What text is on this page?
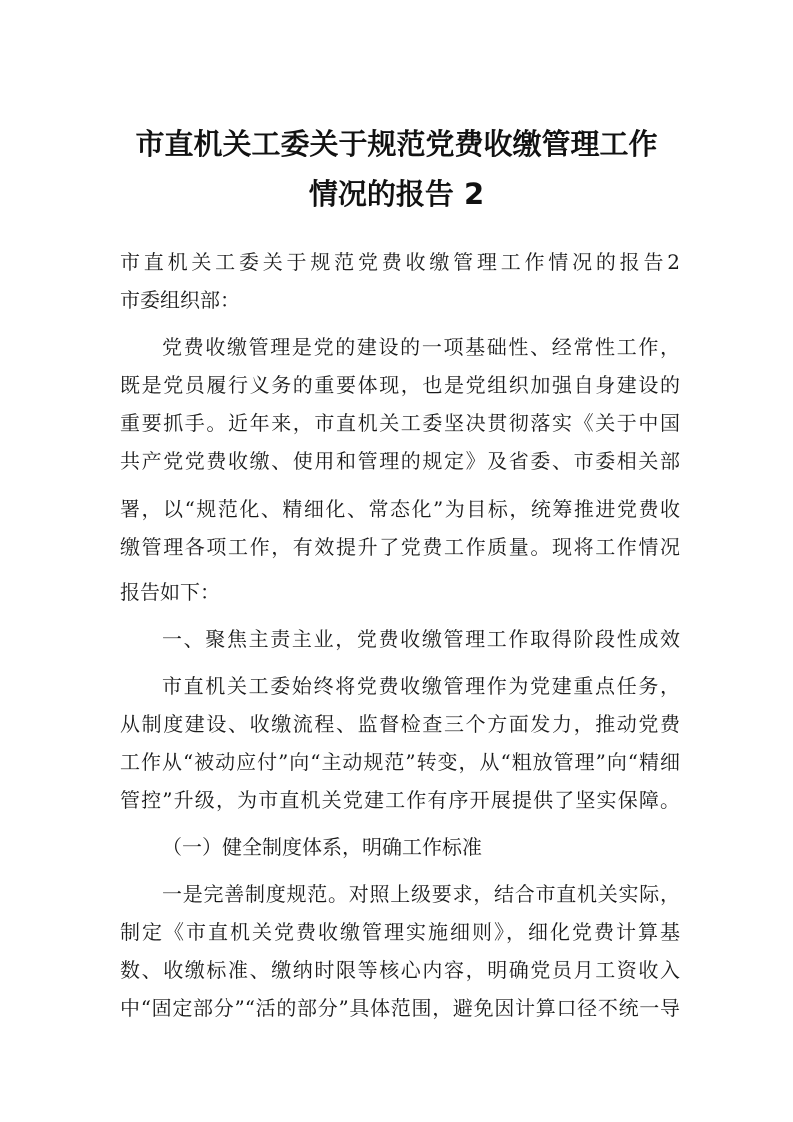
市直机关工委关于规范党费收缴管理工作
情况的报告 2
市直机关工委关于规范党费收缴管理工作情况的报告2
市委组织部：
党费收缴管理是党的建设的一项基础性、经常性工作，
既是党员履行义务的重要体现，也是党组织加强自身建设的
重要抓手。近年来，市直机关工委坚决贯彻落实《关于中国
共产党党费收缴、使用和管理的规定》及省委、市委相关部
署，以“规范化、精细化、常态化”为目标，统筹推进党费收
缴管理各项工作，有效提升了党费工作质量。现将工作情况
报告如下：
一、聚焦主责主业，党费收缴管理工作取得阶段性成效
市直机关工委始终将党费收缴管理作为党建重点任务，
从制度建设、收缴流程、监督检查三个方面发力，推动党费
工作从“被动应付”向“主动规范”转变，从“粗放管理”向“精细
管控”升级，为市直机关党建工作有序开展提供了坚实保障。
（一）健全制度体系，明确工作标准
一是完善制度规范。对照上级要求，结合市直机关实际，
制定《市直机关党费收缴管理实施细则》，细化党费计算基
数、收缴标准、缴纳时限等核心内容，明确党员月工资收入
中“固定部分”“活的部分”具体范围，避免因计算口径不统一导
